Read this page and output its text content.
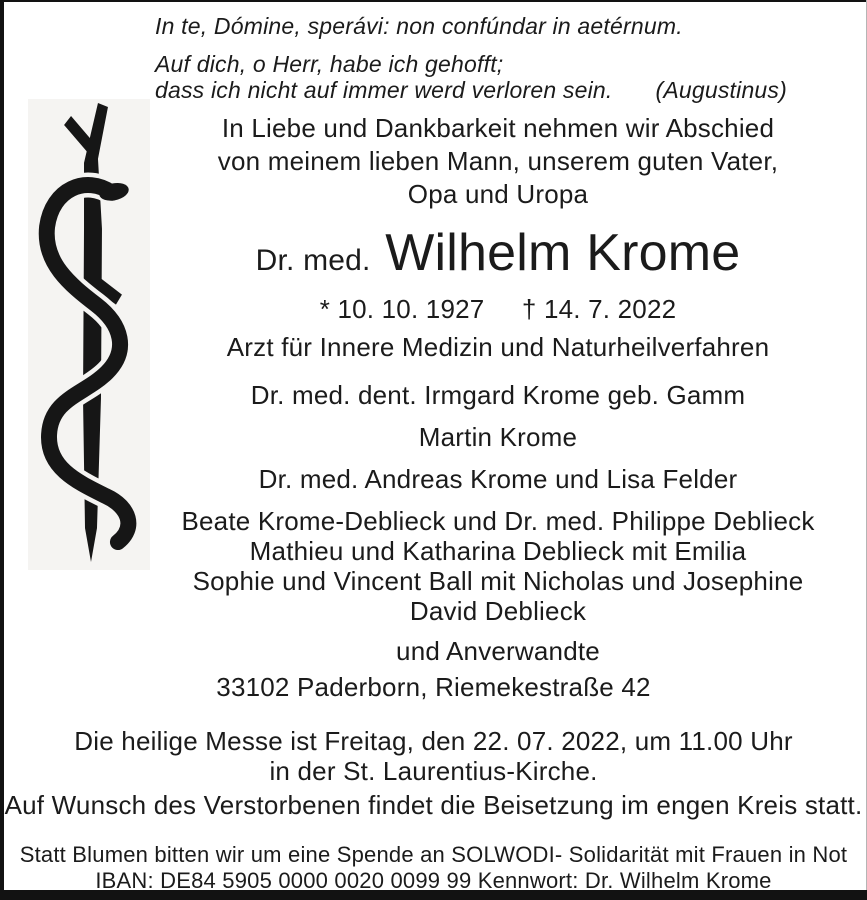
In te, Dómine, sperávi: non confúndar in aetérnum.

Auf dich, o Herr, habe ich gehofft;

dass ich nicht auf immer werd verloren sein. (Augustinus)

In Liebe und Dankbarkeit nehmen wir Abschied
von meinem lieben Mann, unserem guten Vater,
Opa und Uropa
Dr. med. Wilhelm Krome
* 10. 10. 1927 † 14. 7. 2022
Arzt für Innere Medizin und Naturheilverfahren
Dr. med. dent. Irmgard Krome geb. Gamm
Martin Krome
Dr. med. Andreas Krome und Lisa Felder
Beate Krome-Deblieck und Dr. med. Philippe Deblieck
Mathieu und Katharina Deblieck mit Emilia
Sophie und Vincent Ball mit Nicholas und Josephine
David Deblieck
und Anverwandte
33102 Paderborn, Riemekestraße 42
Die heilige Messe ist Freitag, den 22. 07. 2022, um 11.00 Uhr
in der St. Laurentius-Kirche.
Auf Wunsch des Verstorbenen findet die Beisetzung im engen Kreis statt.
Statt Blumen bitten wir um eine Spende an SOLWODI- Solidarität mit Frauen in Not
IBAN: DE84 5905 0000 0020 0099 99 Kennwort: Dr. Wilhelm Krome
